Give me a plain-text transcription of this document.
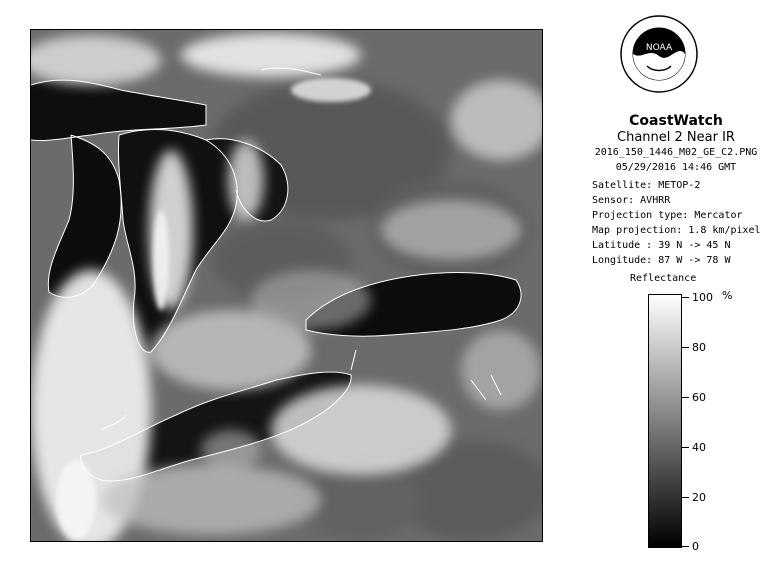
NOAA
CoastWatch
Channel 2 Near IR
2016_150_1446_M02_GE_C2.PNG
05/29/2016 14:46 GMT
Satellite: METOP-2
Sensor: AVHRR
Projection type: Mercator
Map projection: 1.8 km/pixel
Latitude : 39 N -> 45 N
Longitude: 87 W -> 78 W
Reflectance
%
100
80
60
40
20
0
